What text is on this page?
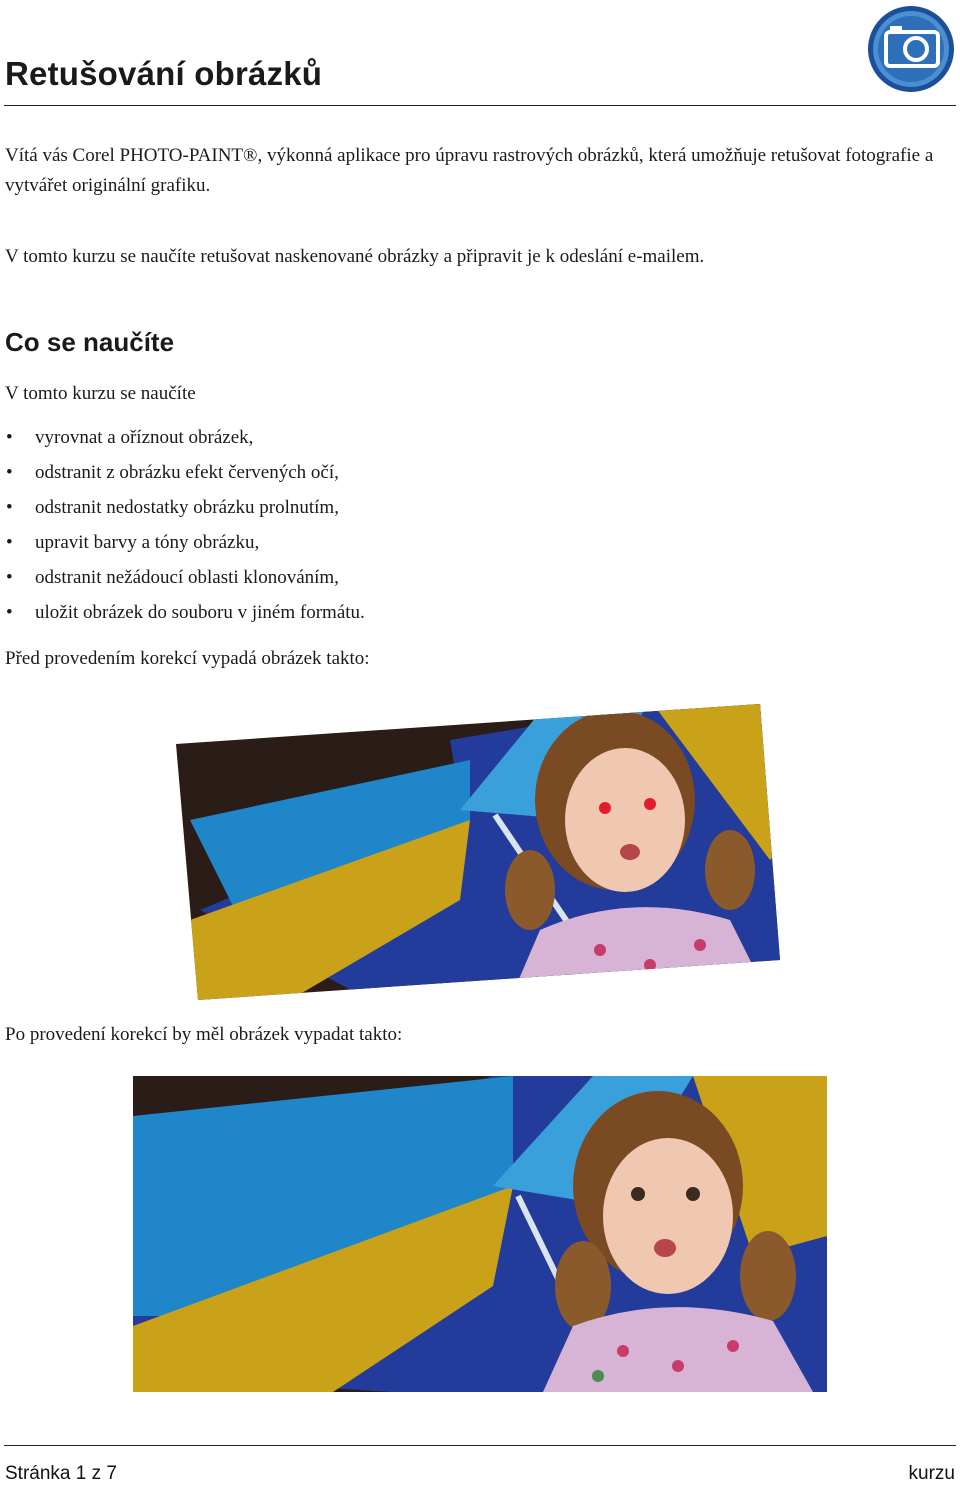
Retušování obrázků

Vítá vás Corel PHOTO-PAINT®, výkonná aplikace pro úpravu rastrových obrázků, která umožňuje retušovat fotografie a vytvářet originální grafiku.

V tomto kurzu se naučíte retušovat naskenované obrázky a připravit je k odeslání e-mailem.

Co se naučíte

V tomto kurzu se naučíte

• vyrovnat a oříznout obrázek,
• odstranit z obrázku efekt červených očí,
• odstranit nedostatky obrázku prolnutím,
• upravit barvy a tóny obrázku,
• odstranit nežádoucí oblasti klonováním,
• uložit obrázek do souboru v jiném formátu.

Před provedením korekcí vypadá obrázek takto:

Po provedení korekcí by měl obrázek vypadat takto:

Stránka 1 z 7	kurzu
